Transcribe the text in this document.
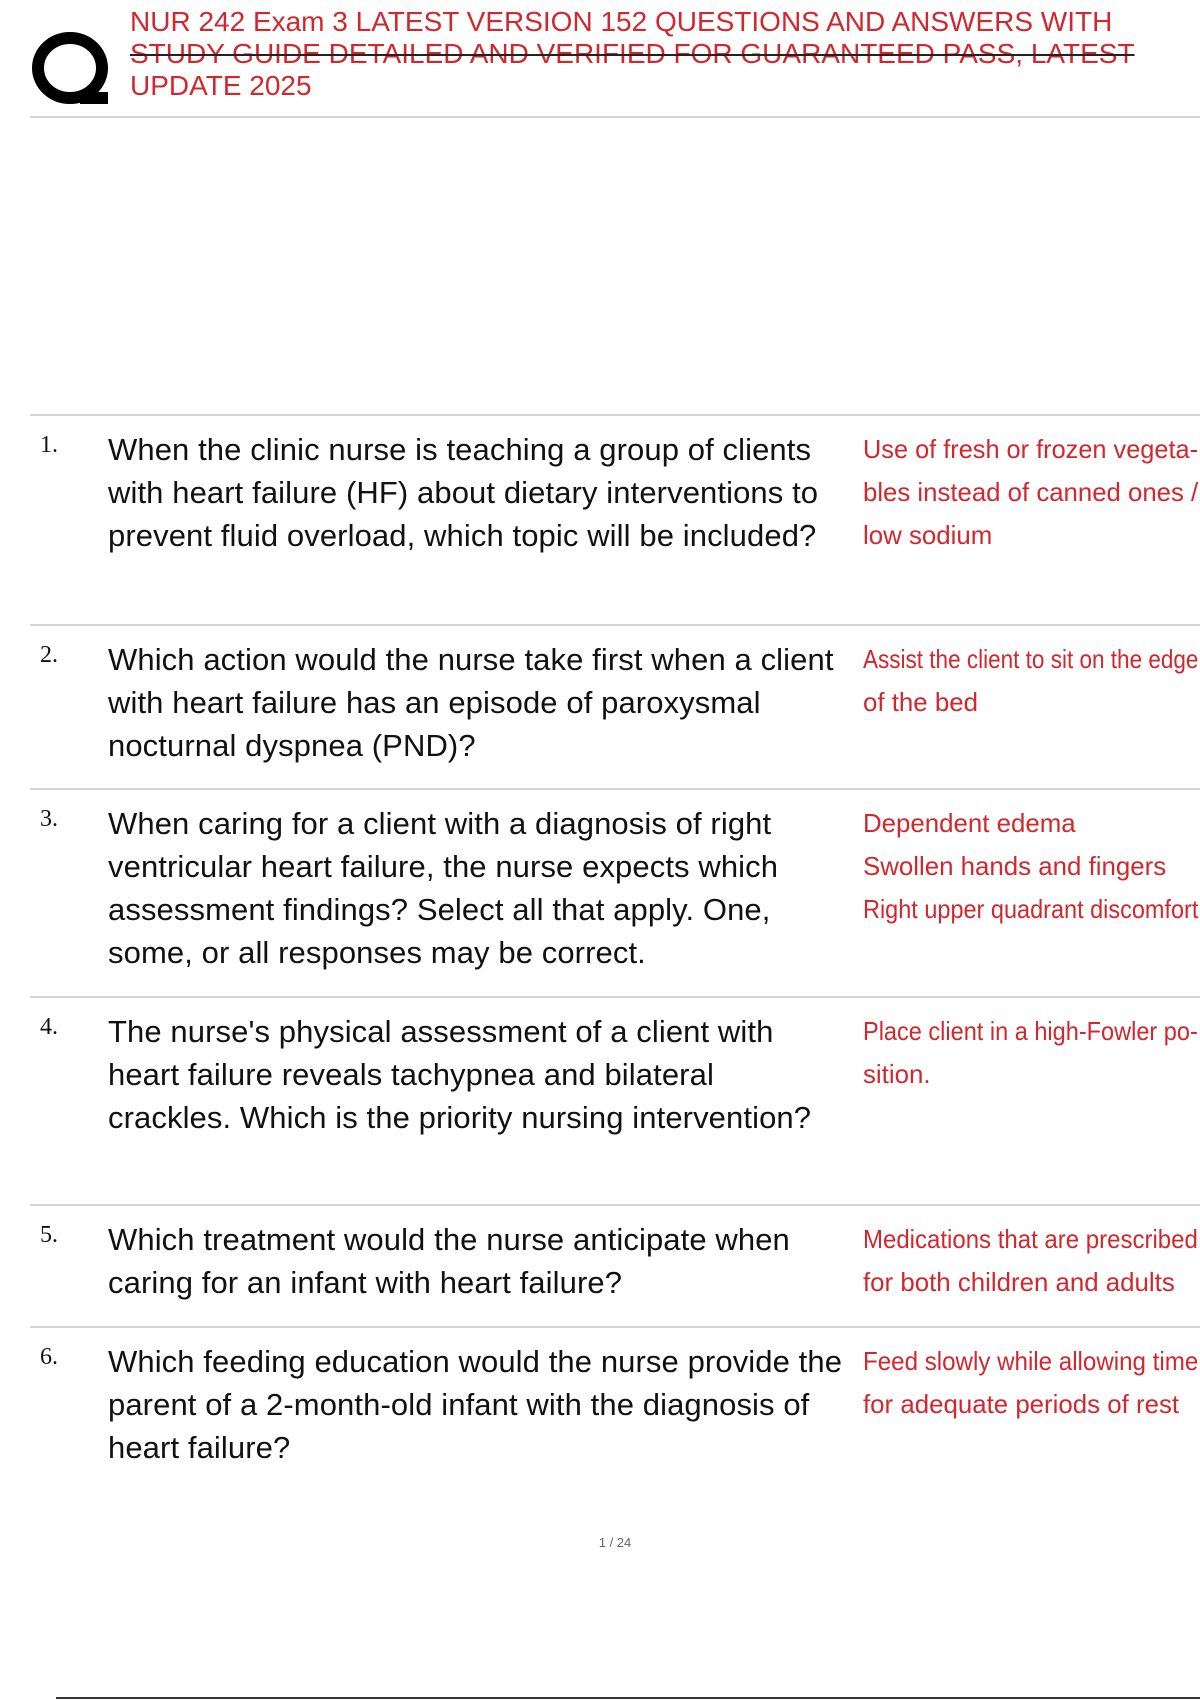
NUR 242 Exam 3 LATEST VERSION 152 QUESTIONS AND ANSWERS WITH
STUDY GUIDE DETAILED AND VERIFIED FOR GUARANTEED PASS, LATEST
UPDATE 2025
1.	When the clinic nurse is teaching a group of clients with heart failure (HF) about dietary interventions to prevent fluid overload, which topic will be included?
Use of fresh or frozen vegeta-
bles instead of canned ones /
low sodium
2.	Which action would the nurse take first when a client with heart failure has an episode of paroxysmal nocturnal dyspnea (PND)?
Assist the client to sit on the edge
of the bed
3.	When caring for a client with a diagnosis of right ventricular heart failure, the nurse expects which assessment findings? Select all that apply. One, some, or all responses may be correct.
Dependent edema
Swollen hands and fingers
Right upper quadrant discomfort
4.	The nurse's physical assessment of a client with heart failure reveals tachypnea and bilateral crackles. Which is the priority nursing intervention?
Place client in a high-Fowler po-
sition.
5.	Which treatment would the nurse anticipate when caring for an infant with heart failure?
Medications that are prescribed
for both children and adults
6.	Which feeding education would the nurse provide the parent of a 2-month-old infant with the diagnosis of heart failure?
Feed slowly while allowing time
for adequate periods of rest
1 / 24
